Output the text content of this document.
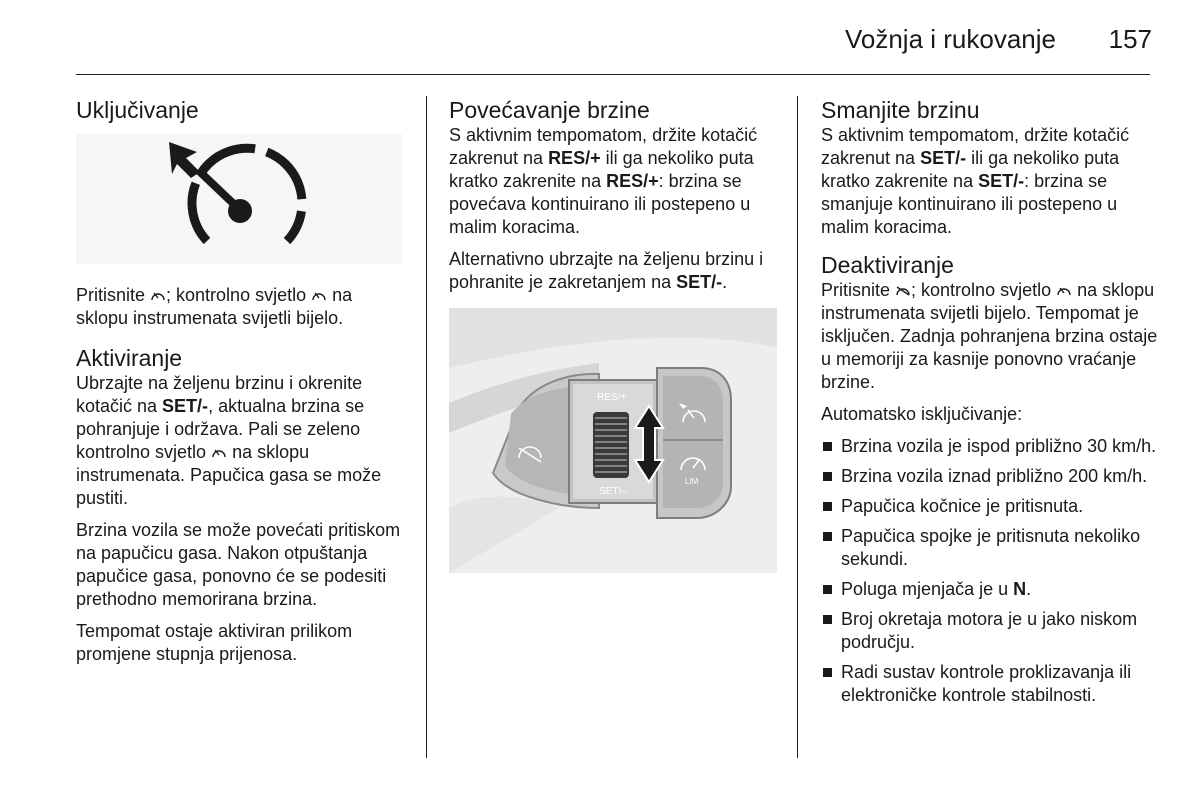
Vožnja i rukovanje 157
Uključivanje

Pritisnite ; kontrolno svjetlo  na sklopu instrumenata svijetli bijelo.

Aktiviranje

Ubrzajte na željenu brzinu i okrenite kotačić na SET/-, aktualna brzina se pohranjuje i održava. Pali se zeleno kontrolno svjetlo  na sklopu instrumenata. Papučica gasa se može pustiti.

Brzina vozila se može povećati pritiskom na papučicu gasa. Nakon otpuštanja papučice gasa, ponovno će se podesiti prethodno memorirana brzina.

Tempomat ostaje aktiviran prilikom promjene stupnja prijenosa.

Povećavanje brzine

S aktivnim tempomatom, držite kotačić zakrenut na RES/+ ili ga nekoliko puta kratko zakrenite na RES/+: brzina se povećava kontinuirano ili postepeno u malim koracima.

Alternativno ubrzajte na željenu brzinu i pohranite je zakretanjem na SET/-.

RES/+
SET/–
LIM
Smanjite brzinu

S aktivnim tempomatom, držite kotačić zakrenut na SET/- ili ga nekoliko puta kratko zakrenite na SET/-: brzina se smanjuje kontinuirano ili postepeno u malim koracima.

Deaktiviranje

Pritisnite ; kontrolno svjetlo  na sklopu instrumenata svijetli bijelo. Tempomat je isključen. Zadnja pohranjena brzina ostaje u memoriji za kasnije ponovno vraćanje brzine.

Automatsko isključivanje:

Brzina vozila je ispod približno 30 km/h.
Brzina vozila iznad približno 200 km/h.
Papučica kočnice je pritisnuta.
Papučica spojke je pritisnuta nekoliko sekundi.
Poluga mjenjača je u N.
Broj okretaja motora je u jako niskom području.
Radi sustav kontrole proklizavanja ili elektroničke kontrole stabilnosti.
